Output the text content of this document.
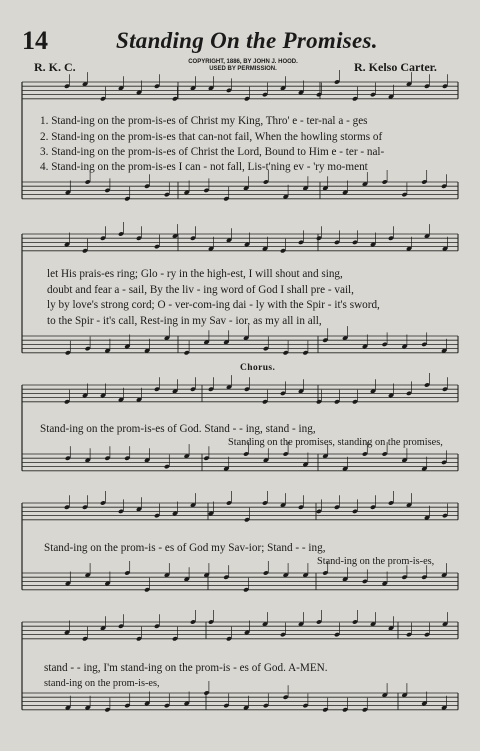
14	Standing On the Promises.
R. K. C.	COPYRIGHT, 1886, BY JOHN J. HOOD.
USED BY PERMISSION.	R. Kelso Carter.
1. Stand-ing on the prom-is-es of Christ my King, Thro' e - ter-nal a - ges
2. Stand-ing on the prom-is-es that can-not fail, When the howling storms of
3. Stand-ing on the prom-is-es of Christ the Lord, Bound to Him e - ter - nal-
4. Stand-ing on the prom-is-es I can - not fall, Lis-t'ning ev - 'ry mo-ment
let His prais-es ring; Glo - ry in the high-est, I will shout and sing,
doubt and fear a - sail, By the liv - ing word of God I shall pre - vail,
ly by love's strong cord; O - ver-com-ing dai - ly with the Spir - it's sword,
to the Spir - it's call, Rest-ing in my Sav - ior, as my all in all,
Chorus.
Stand-ing on the prom-is-es of God. Stand - - ing, stand - ing,
Standing on the promises, standing on the promises,
Stand-ing on the prom-is - es of God my Sav-ior; Stand - - ing,
Stand-ing on the prom-is-es,
stand - - ing, I'm stand-ing on the prom-is - es of God. A-MEN.
stand-ing on the prom-is-es,
